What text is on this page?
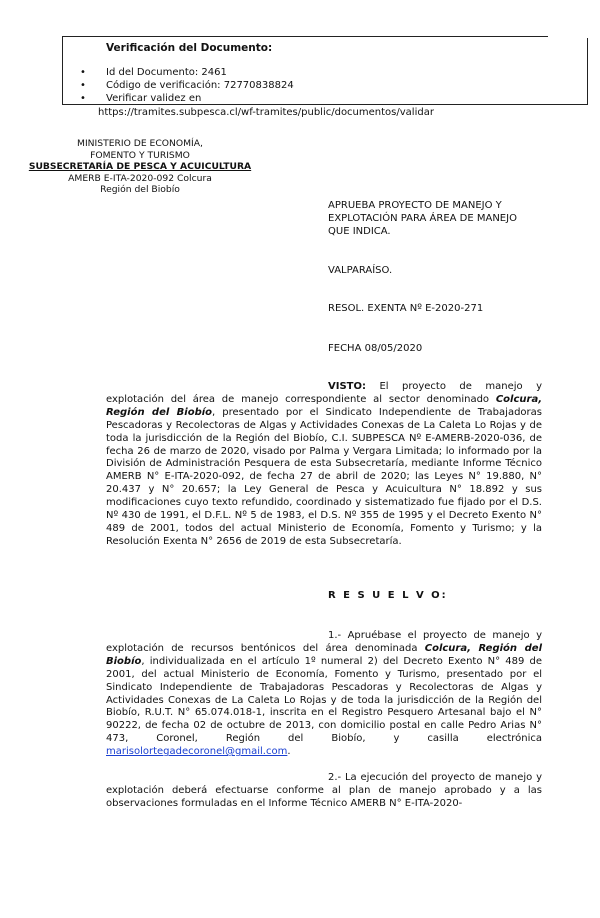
Verificación del Documento:
• Id del Documento: 2461
• Código de verificación: 72770838824
• Verificar validez en
https://tramites.subpesca.cl/wf-tramites/public/documentos/validar
MINISTERIO DE ECONOMÍA,
FOMENTO Y TURISMO
SUBSECRETARÍA DE PESCA Y ACUICULTURA
AMERB E-ITA-2020-092 Colcura
Región del Biobío
APRUEBA PROYECTO DE MANEJO Y
EXPLOTACIÓN PARA ÁREA DE MANEJO
QUE INDICA.
VALPARAÍSO.
RESOL. EXENTA Nº E-2020-271
FECHA 08/05/2020
VISTO: El proyecto de manejo y explotación del área de manejo correspondiente al sector denominado Colcura, Región del Biobío, presentado por el Sindicato Independiente de Trabajadoras Pescadoras y Recolectoras de Algas y Actividades Conexas de La Caleta Lo Rojas y de toda la jurisdicción de la Región del Biobío, C.I. SUBPESCA Nº E-AMERB-2020-036, de fecha 26 de marzo de 2020, visado por Palma y Vergara Limitada; lo informado por la División de Administración Pesquera de esta Subsecretaría, mediante Informe Técnico AMERB N° E-ITA-2020-092, de fecha 27 de abril de 2020; las Leyes N° 19.880, N° 20.437 y N° 20.657; la Ley General de Pesca y Acuicultura N° 18.892 y sus modificaciones cuyo texto refundido, coordinado y sistematizado fue fijado por el D.S. Nº 430 de 1991, el D.F.L. Nº 5 de 1983, el D.S. Nº 355 de 1995 y el Decreto Exento N° 489 de 2001, todos del actual Ministerio de Economía, Fomento y Turismo; y la Resolución Exenta N° 2656 de 2019 de esta Subsecretaría.
R E S U E L V O:
1.- Apruébase el proyecto de manejo y explotación de recursos bentónicos del área denominada Colcura, Región del Biobío, individualizada en el artículo 1º numeral 2) del Decreto Exento N° 489 de 2001, del actual Ministerio de Economía, Fomento y Turismo, presentado por el Sindicato Independiente de Trabajadoras Pescadoras y Recolectoras de Algas y Actividades Conexas de La Caleta Lo Rojas y de toda la jurisdicción de la Región del Biobío, R.U.T. N° 65.074.018-1, inscrita en el Registro Pesquero Artesanal bajo el N° 90222, de fecha 02 de octubre de 2013, con domicilio postal en calle Pedro Arias N° 473, Coronel, Región del Biobío, y casilla electrónica marisolortegadecoronel@gmail.com.
2.- La ejecución del proyecto de manejo y explotación deberá efectuarse conforme al plan de manejo aprobado y a las observaciones formuladas en el Informe Técnico AMERB N° E-ITA-2020-
